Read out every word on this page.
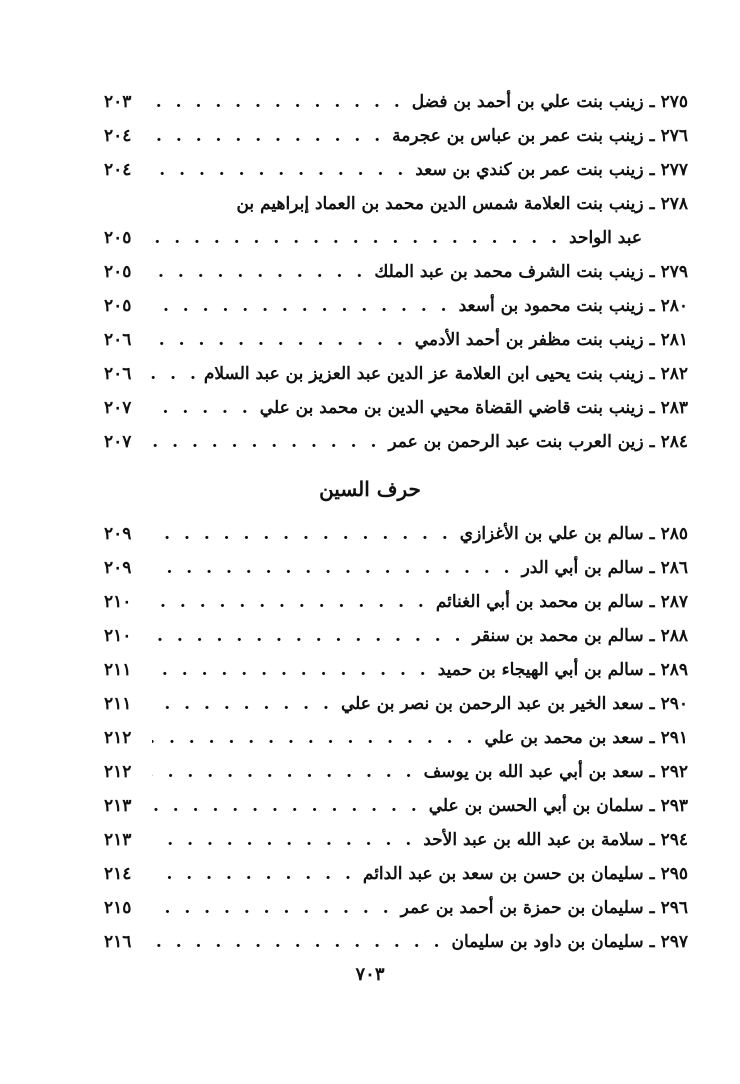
٢٧٥
ـ
زينب بنت علي بن أحمد بن فضل
. . .
٢٠٣
٢٧٦
ـ
زينب بنت عمر بن عباس بن عجرمة
. . .
٢٠٤
٢٧٧
ـ
زينب بنت عمر بن كندي بن سعد
. . .
٢٠٤
٢٧٨
ـ
زينب بنت العلامة شمس الدين محمد بن العماد إبراهيم بن
عبد الواحد
. . .
٢٠٥
٢٧٩
ـ
زينب بنت الشرف محمد بن عبد الملك
. . .
٢٠٥
٢٨٠
ـ
زينب بنت محمود بن أسعد
. . .
٢٠٥
٢٨١
ـ
زينب بنت مظفر بن أحمد الأدمي
. . .
٢٠٦
٢٨٢
ـ
زينب بنت يحيى ابن العلامة عز الدين عبد العزيز بن عبد السلام
. . .
٢٠٦
٢٨٣
ـ
زينب بنت قاضي القضاة محيي الدين بن محمد بن علي
. . .
٢٠٧
٢٨٤
ـ
زين العرب بنت عبد الرحمن بن عمر
. . .
٢٠٧
حرف السين
٢٨٥
ـ
سالم بن علي بن الأغزازي
. . .
٢٠٩
٢٨٦
ـ
سالم بن أبي الدر
. . .
٢٠٩
٢٨٧
ـ
سالم بن محمد بن أبي الغنائم
. . .
٢١٠
٢٨٨
ـ
سالم بن محمد بن سنقر
. . .
٢١٠
٢٨٩
ـ
سالم بن أبي الهيجاء بن حميد
. . .
٢١١
٢٩٠
ـ
سعد الخير بن عبد الرحمن بن نصر بن علي
. . .
٢١١
٢٩١
ـ
سعد بن محمد بن علي
. . .
٢١٢
٢٩٢
ـ
سعد بن أبي عبد الله بن يوسف
. . .
٢١٢
٢٩٣
ـ
سلمان بن أبي الحسن بن علي
. . .
٢١٣
٢٩٤
ـ
سلامة بن عبد الله بن عبد الأحد
. . .
٢١٣
٢٩٥
ـ
سليمان بن حسن بن سعد بن عبد الدائم
. . .
٢١٤
٢٩٦
ـ
سليمان بن حمزة بن أحمد بن عمر
. . .
٢١٥
٢٩٧
ـ
سليمان بن داود بن سليمان
. . .
٢١٦
٧٠٣
